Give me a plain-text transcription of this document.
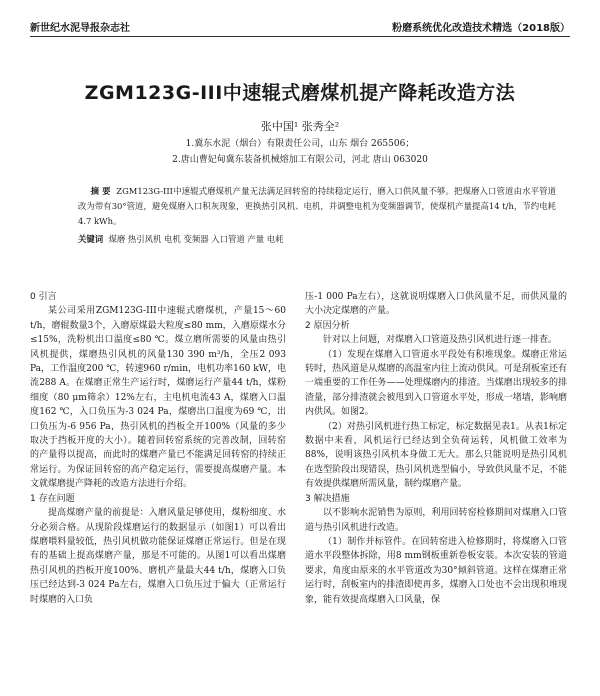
新世纪水泥导报杂志社	粉磨系统优化改造技术精选（2018版）
ZGM123G-III中速辊式磨煤机提产降耗改造方法
张中国¹ 张秀全²
1.冀东水泥（烟台）有限责任公司，山东 烟台 265506；
2.唐山曹妃甸冀东装备机械熔加工有限公司，河北 唐山 063020
摘 要 ZGM123G-III中速辊式磨煤机产量无法满足回转窑的持续稳定运行，磨入口供风量不够。把煤磨入口管道由水平管道改为带有30°管道，避免煤磨入口积灰现象，更换热引风机、电机，并调整电机为变频器调节，使煤机产量提高14 t/h，节约电耗4.7 kWh。
关键词 煤磨 热引风机 电机 变频器 入口管道 产量 电耗

0 引言

某公司采用ZGM123G-III中速辊式磨煤机，产量15～60 t/h，磨辊数量3个，入磨原煤最大粒度≤80 mm，入磨原煤水分≤15%，洗粉机出口温度≤80 ℃。煤立磨所需要的风量由热引风机提供，煤磨热引风机的风量130 390 m³/h，全压2 093 Pa，工作温度200 ℃，转速960 r/min，电机功率160 kW，电流288 A。在煤磨正常生产运行时，煤磨运行产量44 t/h，煤粉细度（80 μm筛余）12%左右，主电机电流43 A，煤磨入口温度162 ℃，入口负压为-3 024 Pa，煤磨出口温度为69 ℃，出口负压为-6 956 Pa，热引风机的挡板全开100%（风量的多少取决于挡板开度的大小）。随着回转窑系统的完善改制，回转窑的产量得以提高，而此时的煤磨产量已不能满足回转窑的持续正常运行。为保证回转窑的高产稳定运行，需要提高煤磨产量。本文就煤磨提产降耗的改造方法进行介绍。

1 存在问题

提高煤磨产量的前提是：入磨风量足够使用，煤粉细度、水分必须合格。从现阶段煤磨运行的数据显示（如图1）可以看出煤磨喂料量较低，热引风机做功能保证煤磨正常运行。但是在现有的基础上提高煤磨产量，那是不可能的。从图1可以看出煤磨热引风机的挡板开度100%、磨机产量最大44 t/h，煤磨入口负压已经达到-3 024 Pa左右，煤磨入口负压过于偏大（正常运行时煤磨的入口负

压-1 000 Pa左右），这就说明煤磨入口供风量不足，而供风量的大小决定煤磨的产量。

2 原因分析

针对以上问题，对煤磨入口管道及热引风机进行逐一排查。

（1）发现在煤磨入口管道水平段处有积堆现象。煤磨正常运转时，热风道是从煤磨的高温室内往上流动供风。可是刮板室还有一端重要的工作任务——处理煤磨内的排渣。当煤磨出现较多的排渣量，部分排渣就会被甩到入口管道水平处，形成一堵墙，影响磨内供风。如图2。

（2）对热引风机进行热工标定，标定数据见表1。从表1标定数据中来看，风机运行已经达到全负荷运转，风机做工效率为88%，说明该热引风机本身做工无大。那么只能说明是热引风机在选型阶段出现错误，热引风机选型偏小，导致供风量不足，不能有效提供煤磨所需风量，制约煤磨产量。

3 解决措施

以不影响水泥销售为原则，利用回转窑检修期间对煤磨入口管道与热引风机进行改造。

（1）制作并标管件。在回转窑进入检修期时，将煤磨入口管道水平段整体拆除，用8 mm钢板重新卷板安装。本次安装的管道要求，角度由原来的水平管道改为30°倾斜管道。这样在煤磨正常运行时，刮板室内的排渣即使再多，煤磨入口处也不会出现积堆现象，能有效提高煤磨入口风量，保
